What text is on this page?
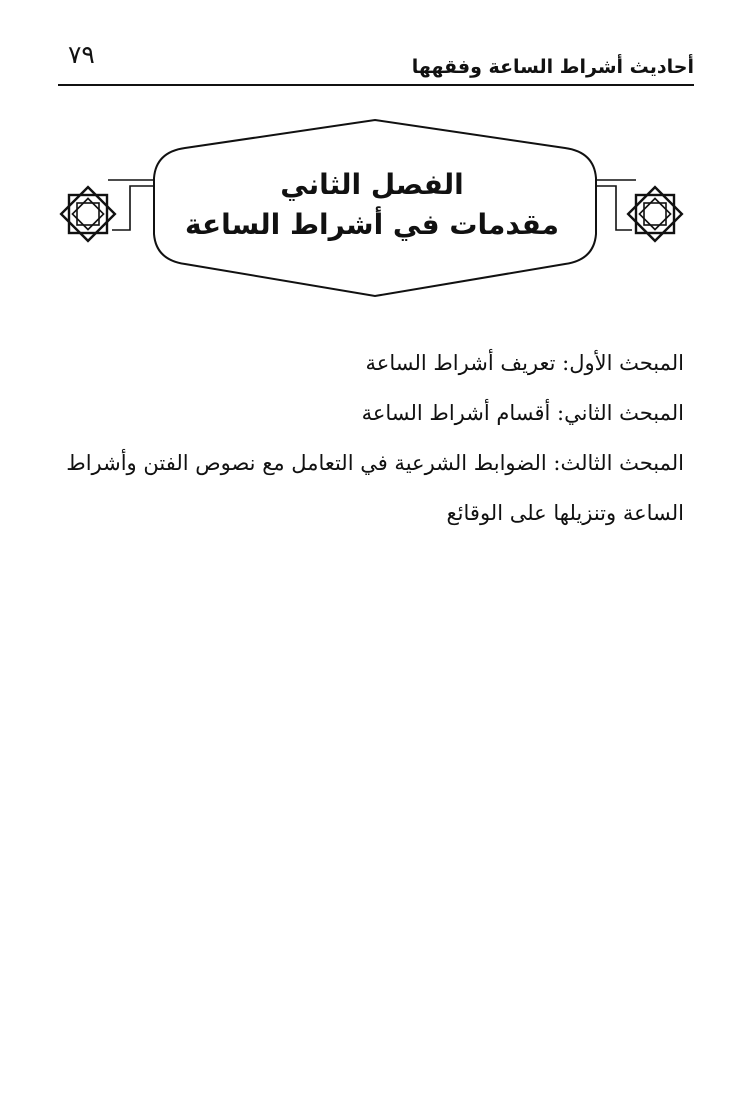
٧٩	أحاديث أشراط الساعة وفقهها
الفصل الثاني
مقدمات في أشراط الساعة

المبحث الأول: تعريف أشراط الساعة

المبحث الثاني: أقسام أشراط الساعة

المبحث الثالث: الضوابط الشرعية في التعامل مع نصوص الفتن وأشراط الساعة وتنزيلها على الوقائع
